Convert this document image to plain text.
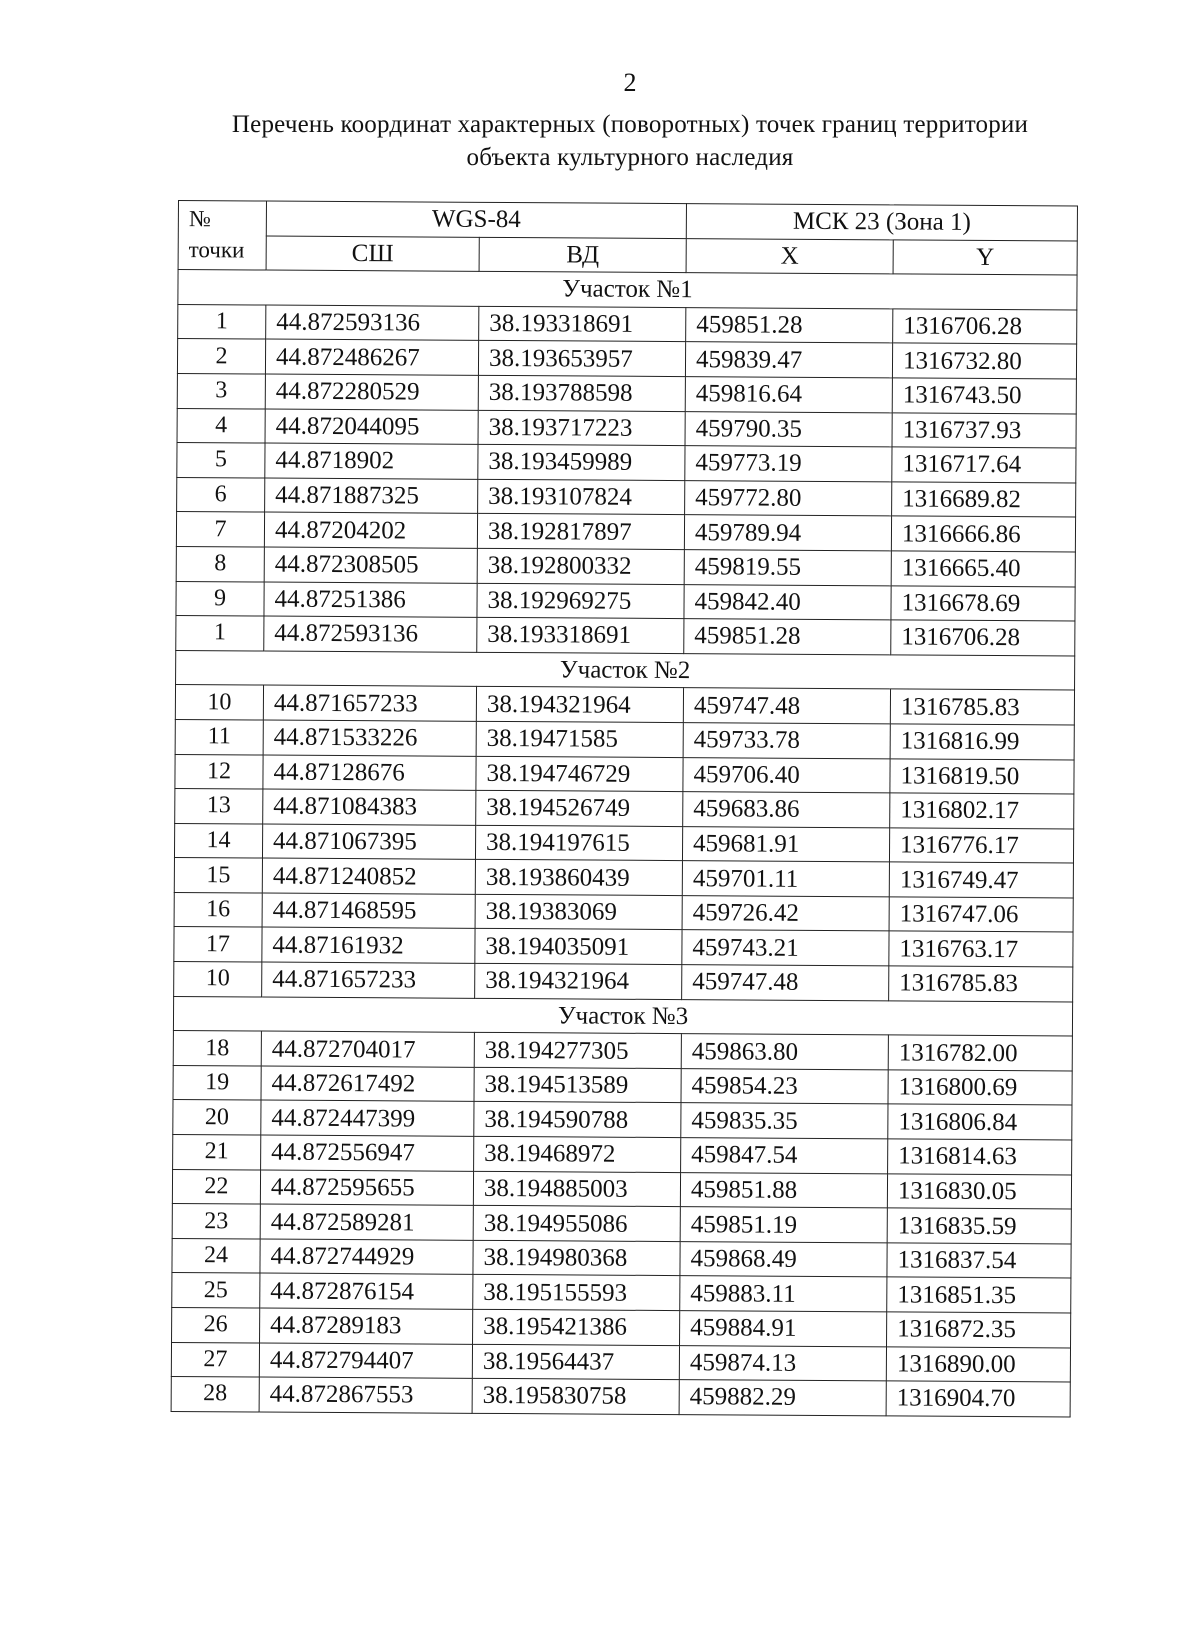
2
Перечень координат характерных (поворотных) точек границ территории
объекта культурного наследия
№
точки	WGS-84		МСК 23 (Зона 1)	
	СШ	ВД	X	Y
Участок №1				
1	44.872593136	38.193318691	459851.28	1316706.28
2	44.872486267	38.193653957	459839.47	1316732.80
3	44.872280529	38.193788598	459816.64	1316743.50
4	44.872044095	38.193717223	459790.35	1316737.93
5	44.8718902	38.193459989	459773.19	1316717.64
6	44.871887325	38.193107824	459772.80	1316689.82
7	44.87204202	38.192817897	459789.94	1316666.86
8	44.872308505	38.192800332	459819.55	1316665.40
9	44.87251386	38.192969275	459842.40	1316678.69
1	44.872593136	38.193318691	459851.28	1316706.28
Участок №2				
10	44.871657233	38.194321964	459747.48	1316785.83
11	44.871533226	38.19471585	459733.78	1316816.99
12	44.87128676	38.194746729	459706.40	1316819.50
13	44.871084383	38.194526749	459683.86	1316802.17
14	44.871067395	38.194197615	459681.91	1316776.17
15	44.871240852	38.193860439	459701.11	1316749.47
16	44.871468595	38.19383069	459726.42	1316747.06
17	44.87161932	38.194035091	459743.21	1316763.17
10	44.871657233	38.194321964	459747.48	1316785.83
Участок №3				
18	44.872704017	38.194277305	459863.80	1316782.00
19	44.872617492	38.194513589	459854.23	1316800.69
20	44.872447399	38.194590788	459835.35	1316806.84
21	44.872556947	38.19468972	459847.54	1316814.63
22	44.872595655	38.194885003	459851.88	1316830.05
23	44.872589281	38.194955086	459851.19	1316835.59
24	44.872744929	38.194980368	459868.49	1316837.54
25	44.872876154	38.195155593	459883.11	1316851.35
26	44.87289183	38.195421386	459884.91	1316872.35
27	44.872794407	38.19564437	459874.13	1316890.00
28	44.872867553	38.195830758	459882.29	1316904.70
